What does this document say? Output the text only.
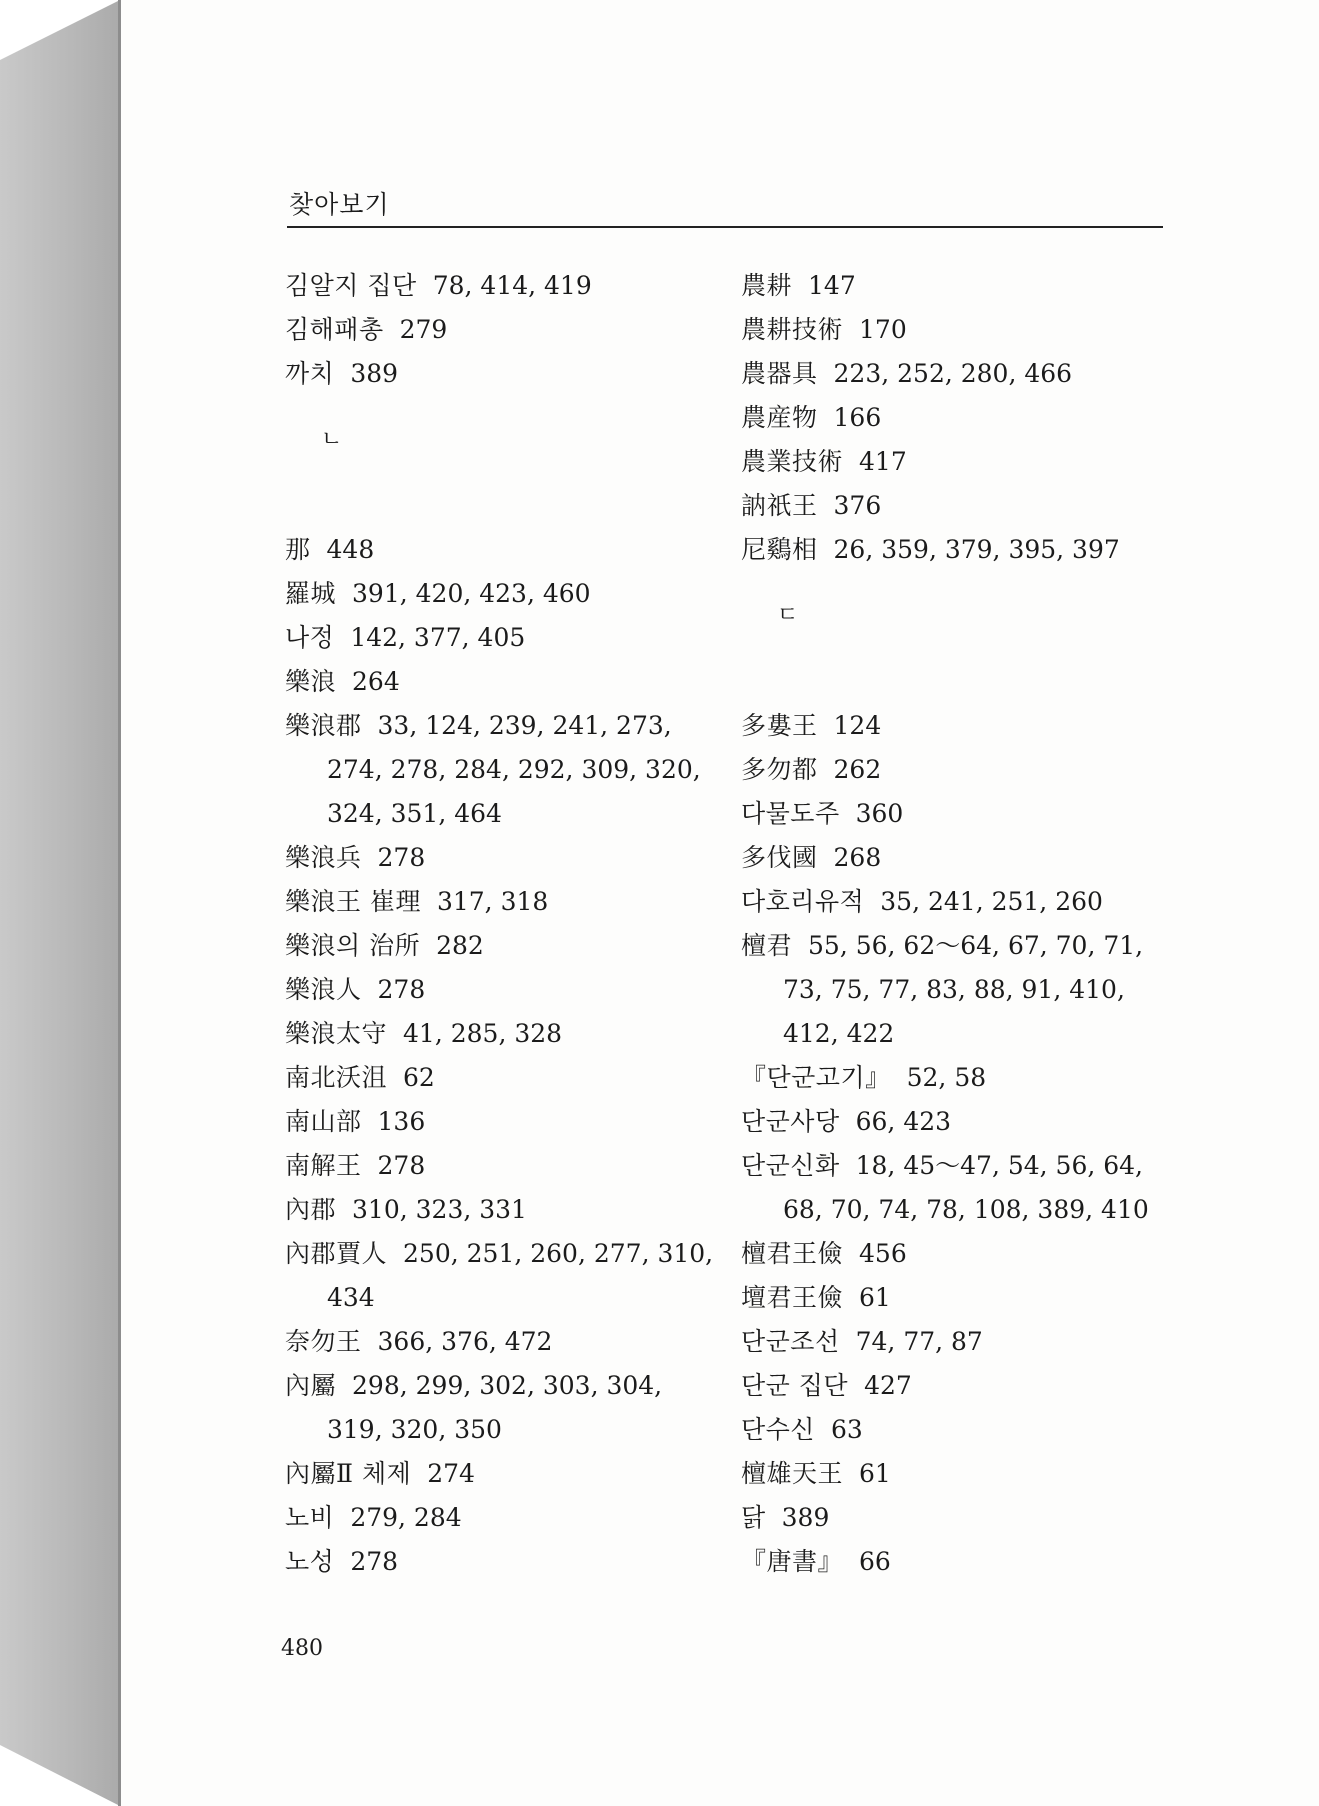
찾아보기
김알지 집단 78, 414, 419
김해패총 279
까치 389
ㄴ
那 448
羅城 391, 420, 423, 460
나정 142, 377, 405
樂浪 264
樂浪郡 33, 124, 239, 241, 273,
274, 278, 284, 292, 309, 320,
324, 351, 464
樂浪兵 278
樂浪王 崔理 317, 318
樂浪의 治所 282
樂浪人 278
樂浪太守 41, 285, 328
南北沃沮 62
南山部 136
南解王 278
內郡 310, 323, 331
內郡賈人 250, 251, 260, 277, 310,
434
奈勿王 366, 376, 472
內屬 298, 299, 302, 303, 304,
319, 320, 350
內屬Ⅱ 체제 274
노비 279, 284
노성 278
農耕 147
農耕技術 170
農器具 223, 252, 280, 466
農産物 166
農業技術 417
訥祇王 376
尼鷄相 26, 359, 379, 395, 397
ㄷ
多婁王 124
多勿都 262
다물도주 360
多伐國 268
다호리유적 35, 241, 251, 260
檀君 55, 56, 62～64, 67, 70, 71,
73, 75, 77, 83, 88, 91, 410,
412, 422
『단군고기』 52, 58
단군사당 66, 423
단군신화 18, 45～47, 54, 56, 64,
68, 70, 74, 78, 108, 389, 410
檀君王儉 456
壇君王儉 61
단군조선 74, 77, 87
단군 집단 427
단수신 63
檀雄天王 61
닭 389
『唐書』 66
480
